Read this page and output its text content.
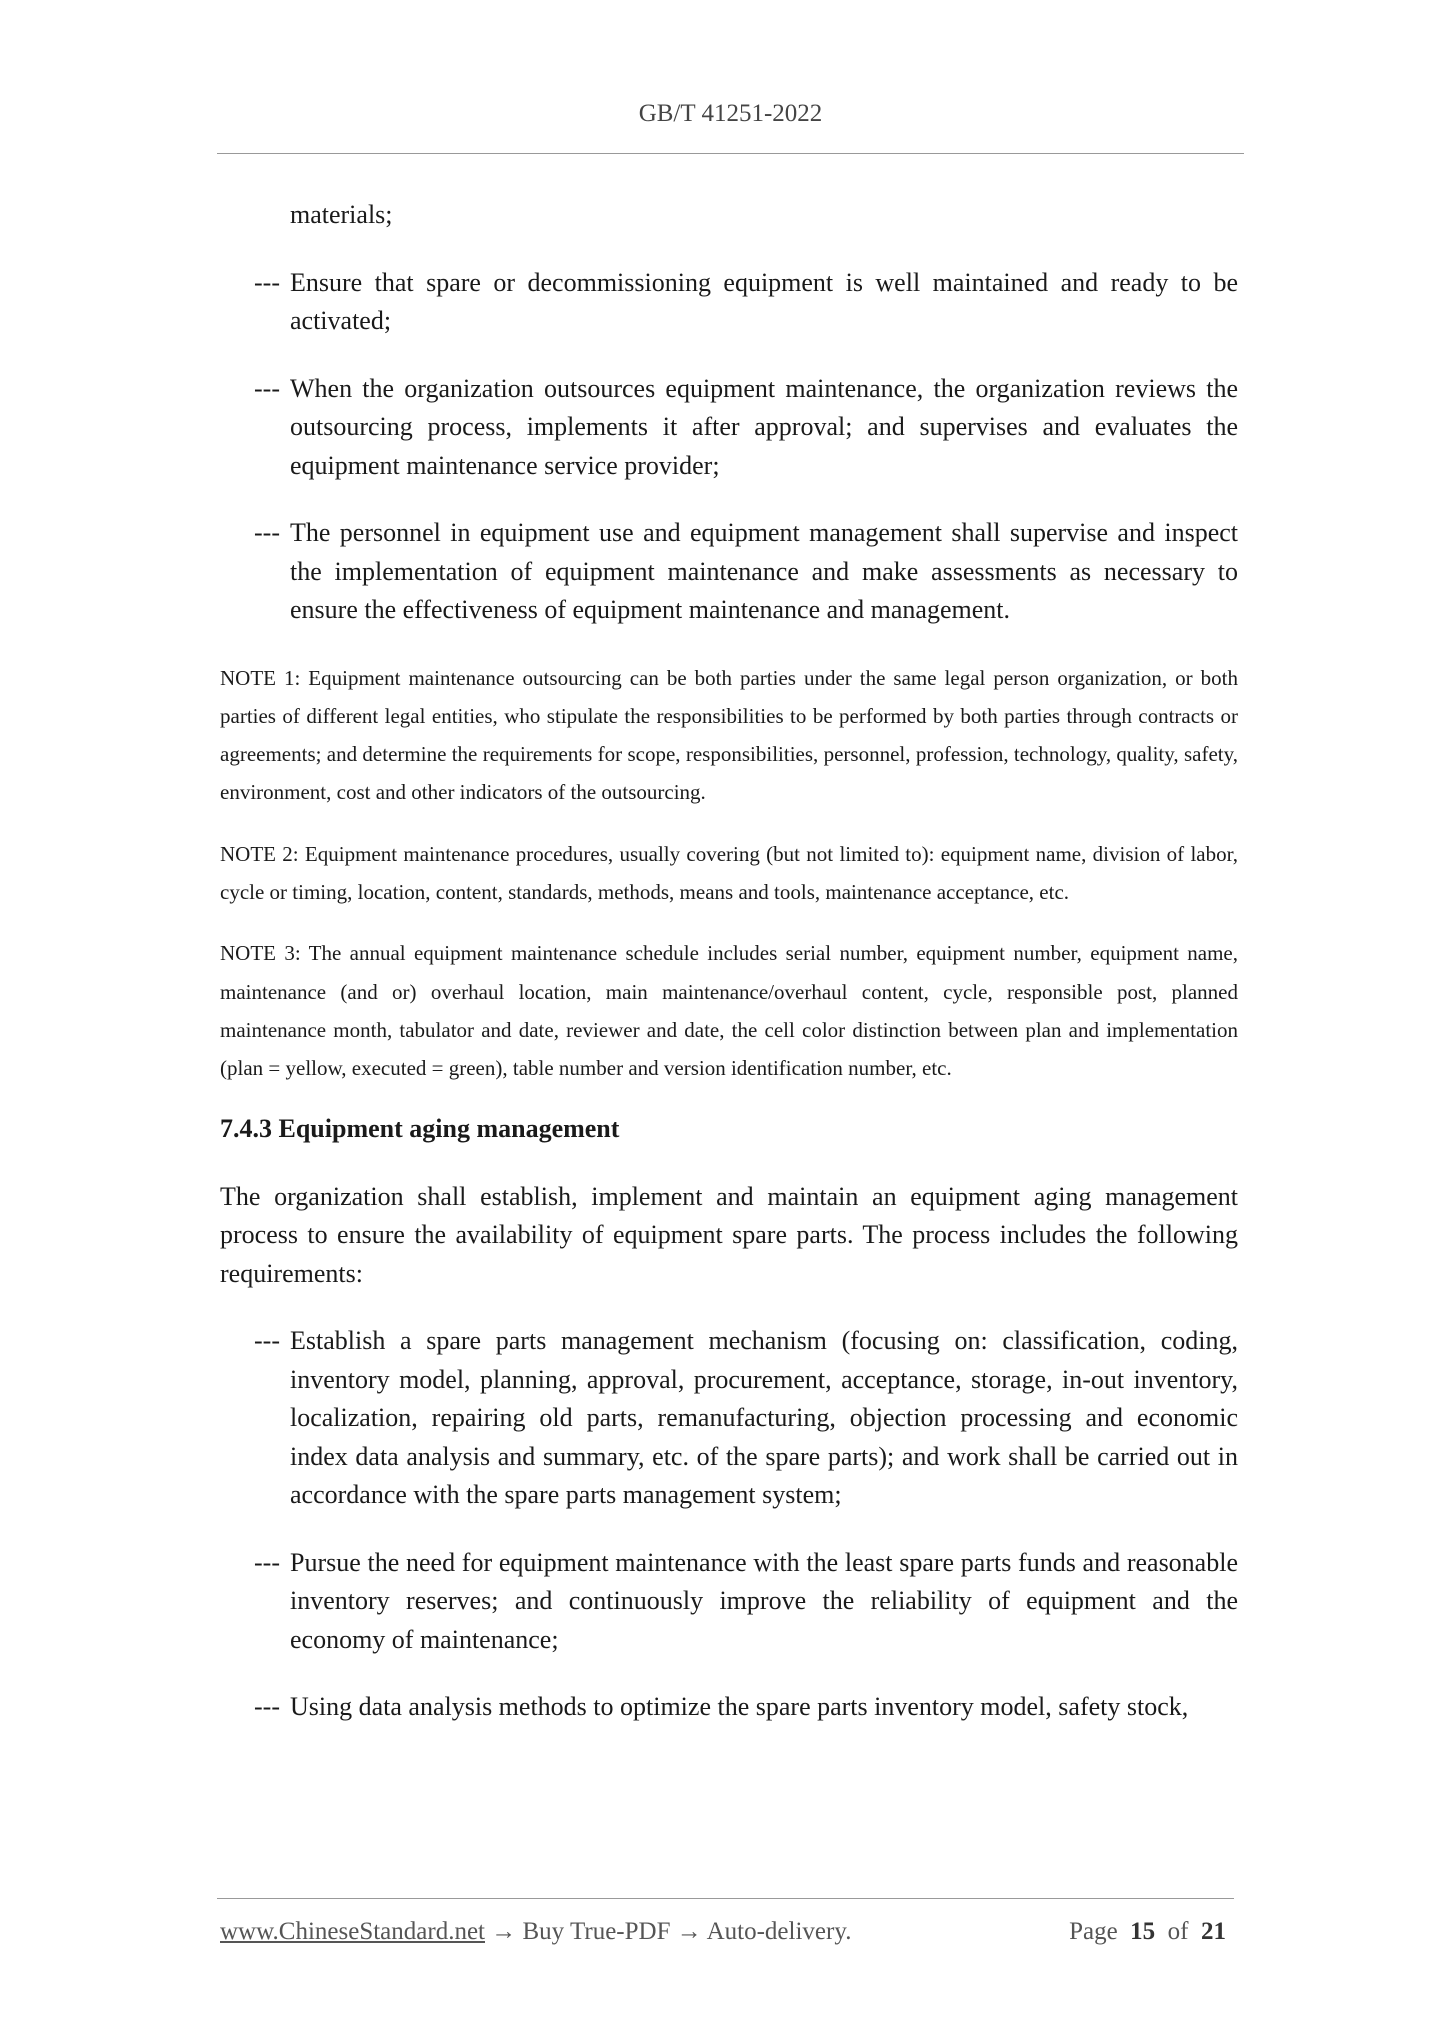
GB/T 41251-2022
materials;
--- Ensure that spare or decommissioning equipment is well maintained and ready to be activated;
--- When the organization outsources equipment maintenance, the organization reviews the outsourcing process, implements it after approval; and supervises and evaluates the equipment maintenance service provider;
--- The personnel in equipment use and equipment management shall supervise and inspect the implementation of equipment maintenance and make assessments as necessary to ensure the effectiveness of equipment maintenance and management.
NOTE 1: Equipment maintenance outsourcing can be both parties under the same legal person organization, or both parties of different legal entities, who stipulate the responsibilities to be performed by both parties through contracts or agreements; and determine the requirements for scope, responsibilities, personnel, profession, technology, quality, safety, environment, cost and other indicators of the outsourcing.
NOTE 2: Equipment maintenance procedures, usually covering (but not limited to): equipment name, division of labor, cycle or timing, location, content, standards, methods, means and tools, maintenance acceptance, etc.
NOTE 3: The annual equipment maintenance schedule includes serial number, equipment number, equipment name, maintenance (and or) overhaul location, main maintenance/overhaul content, cycle, responsible post, planned maintenance month, tabulator and date, reviewer and date, the cell color distinction between plan and implementation (plan = yellow, executed = green), table number and version identification number, etc.
7.4.3 Equipment aging management
The organization shall establish, implement and maintain an equipment aging management process to ensure the availability of equipment spare parts. The process includes the following requirements:
--- Establish a spare parts management mechanism (focusing on: classification, coding, inventory model, planning, approval, procurement, acceptance, storage, in-out inventory, localization, repairing old parts, remanufacturing, objection processing and economic index data analysis and summary, etc. of the spare parts); and work shall be carried out in accordance with the spare parts management system;
--- Pursue the need for equipment maintenance with the least spare parts funds and reasonable inventory reserves; and continuously improve the reliability of equipment and the economy of maintenance;
--- Using data analysis methods to optimize the spare parts inventory model, safety stock,
www.ChineseStandard.net → Buy True-PDF → Auto-delivery.	Page 15 of 21
